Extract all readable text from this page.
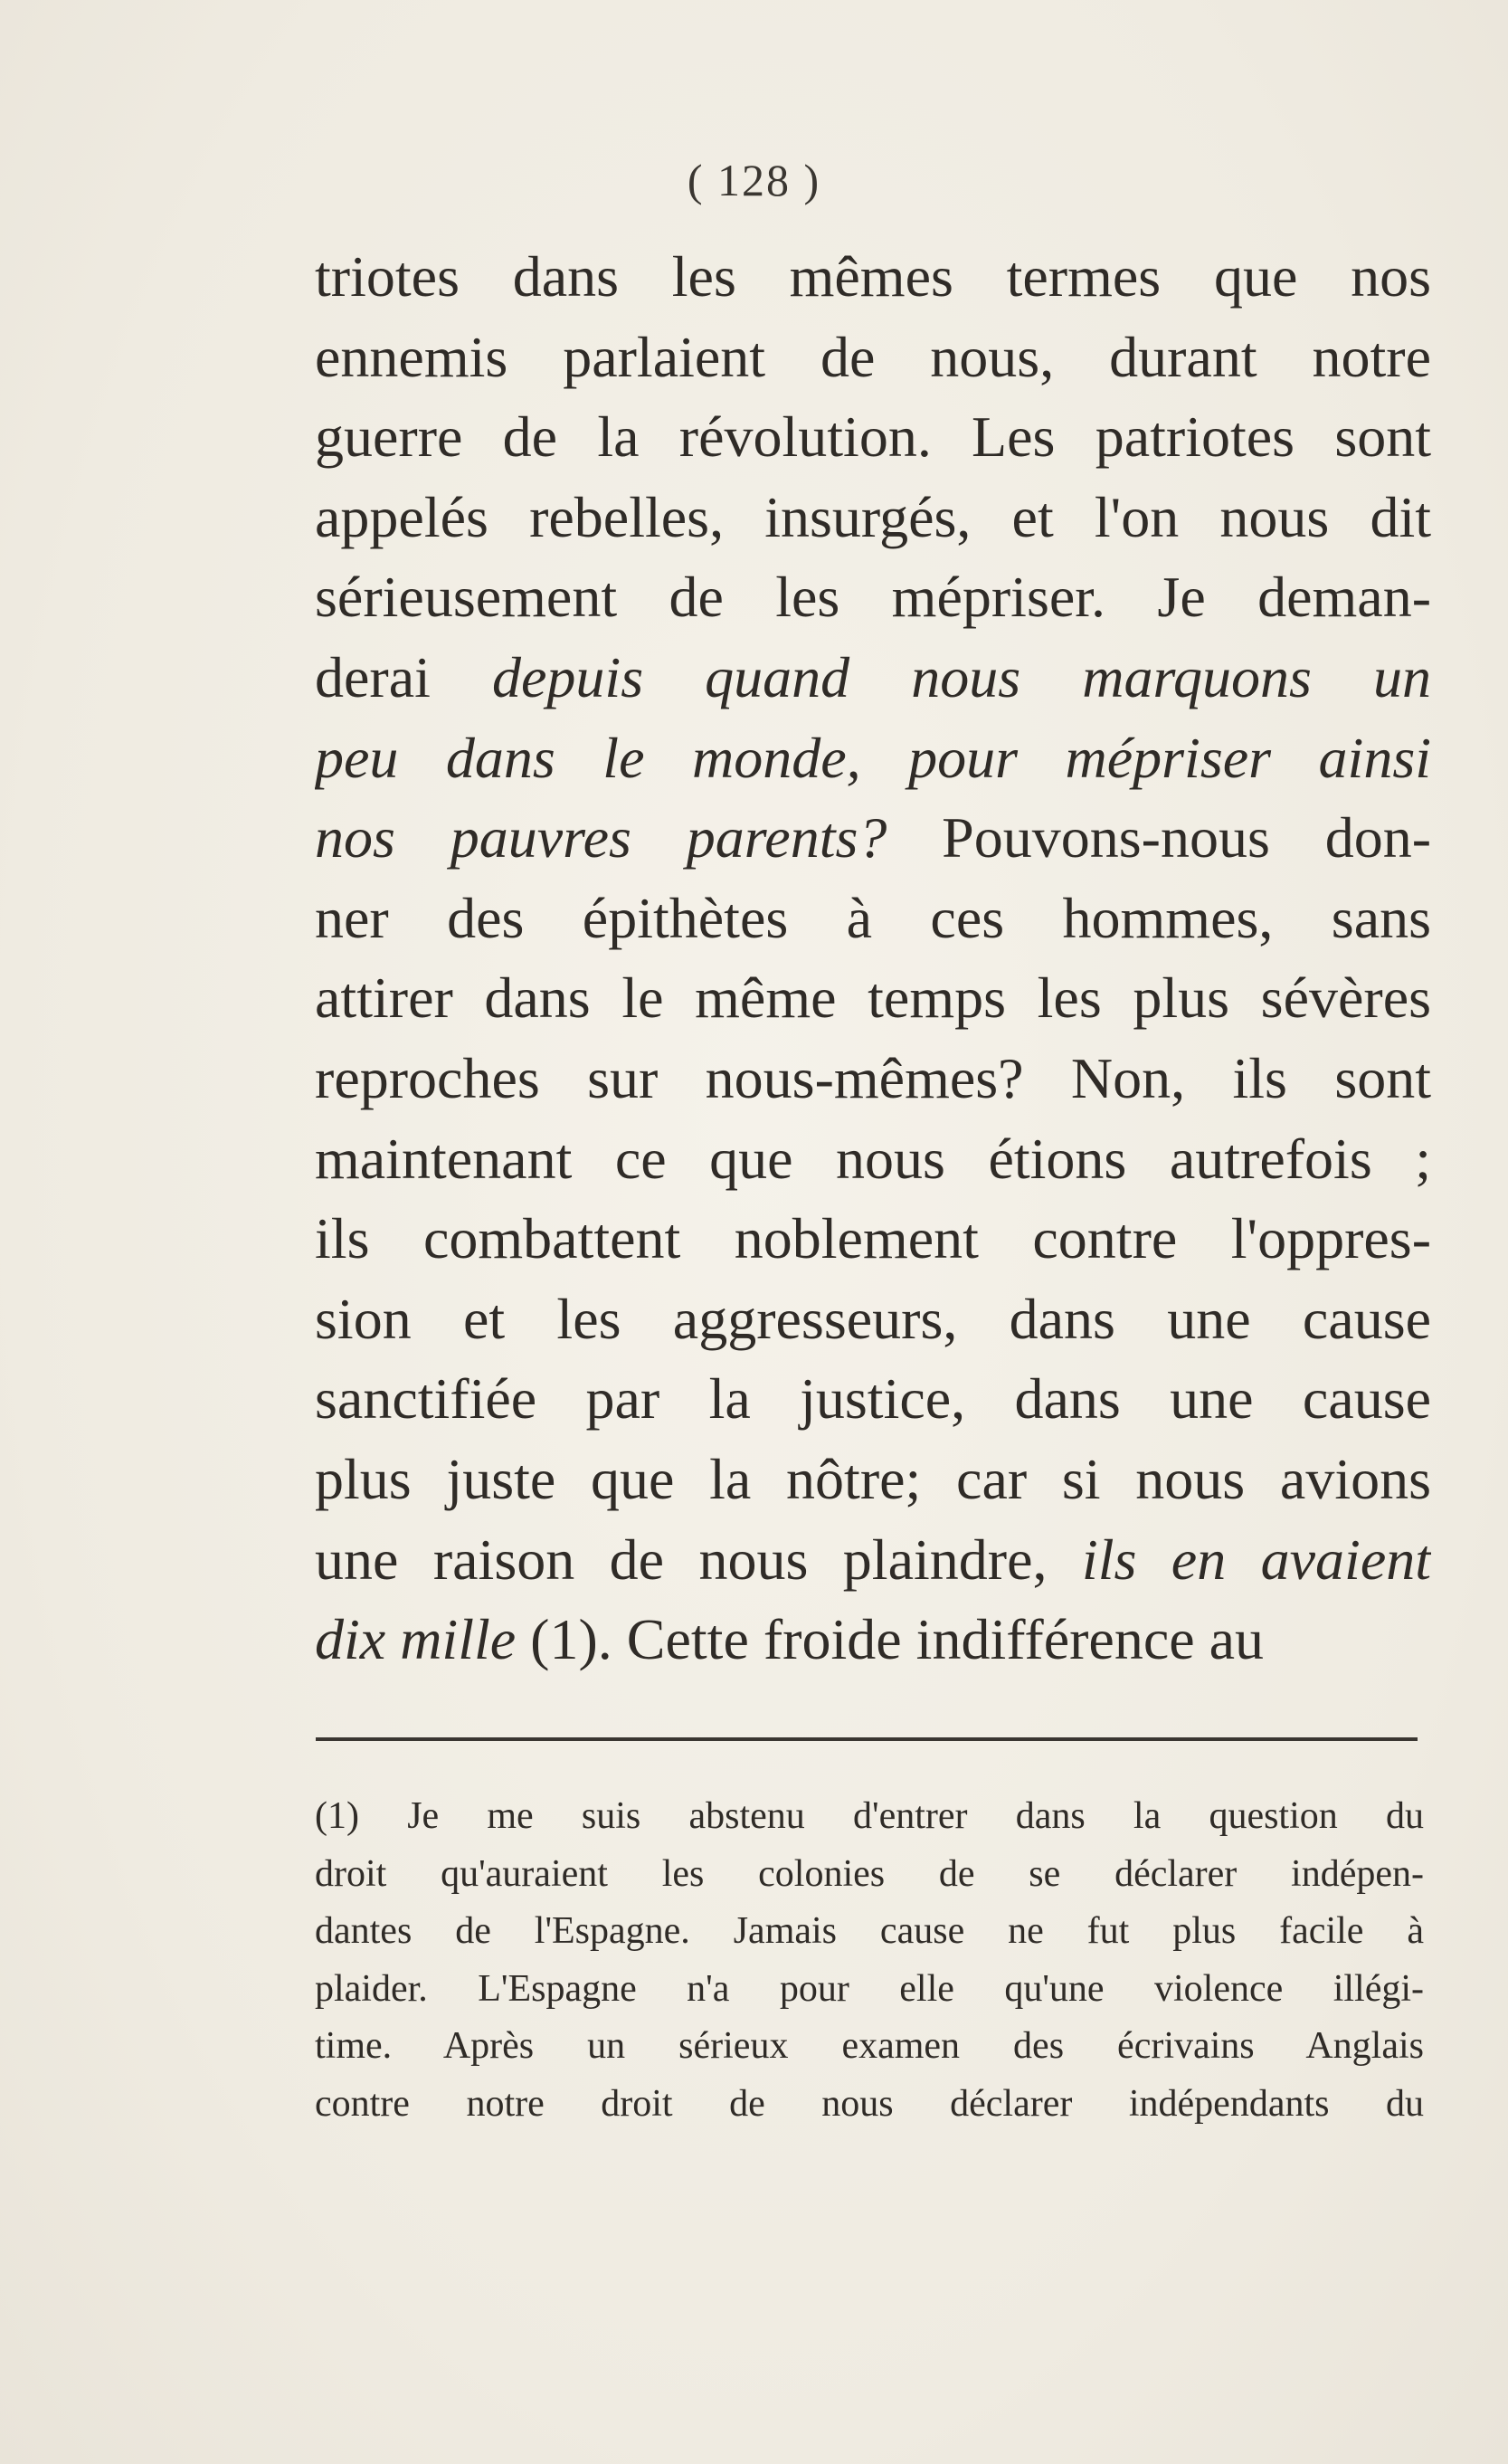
( 128 )
triotes dans les mêmes termes que nos
ennemis parlaient de nous, durant notre
guerre de la révolution. Les patriotes sont
appelés rebelles, insurgés, et l'on nous dit
sérieusement de les mépriser. Je deman-
derai depuis quand nous marquons un
peu dans le monde, pour mépriser ainsi
nos pauvres parents? Pouvons-nous don-
ner des épithètes à ces hommes, sans
attirer dans le même temps les plus sévères
reproches sur nous-mêmes? Non, ils sont
maintenant ce que nous étions autrefois ;
ils combattent noblement contre l'oppres-
sion et les aggresseurs, dans une cause
sanctifiée par la justice, dans une cause
plus juste que la nôtre; car si nous avions
une raison de nous plaindre, ils en avaient
dix mille (1). Cette froide indifférence au
(1) Je me suis abstenu d'entrer dans la question du
droit qu'auraient les colonies de se déclarer indépen-
dantes de l'Espagne. Jamais cause ne fut plus facile à
plaider. L'Espagne n'a pour elle qu'une violence illégi-
time. Après un sérieux examen des écrivains Anglais
contre notre droit de nous déclarer indépendants du
